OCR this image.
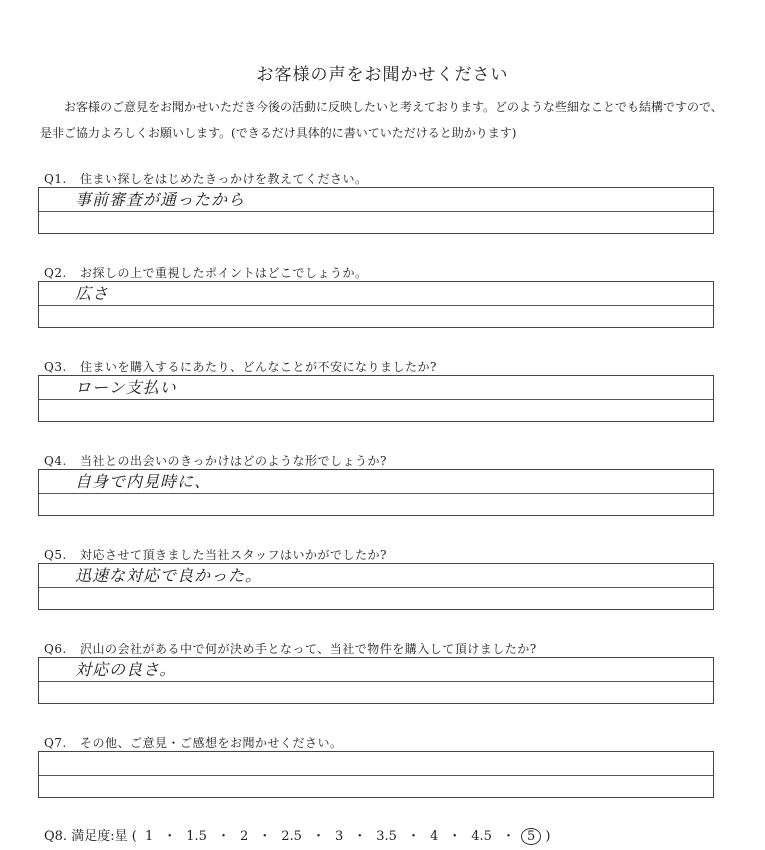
お客様の声をお聞かせください
お客様のご意見をお聞かせいただき今後の活動に反映したいと考えております。どのような些細なことでも結構ですので、是非ご協力よろしくお願いします。(できるだけ具体的に書いていただけると助かります)
Q1. 住まい探しをはじめたきっかけを教えてください。
事前審査が通ったから
Q2. お探しの上で重視したポイントはどこでしょうか。
広さ
Q3. 住まいを購入するにあたり、どんなことが不安になりましたか?
ローン支払い
Q4. 当社との出会いのきっかけはどのような形でしょうか?
自身で内見時に、
Q5. 対応させて頂きました当社スタッフはいかがでしたか?
迅速な対応で良かった。
Q6. 沢山の会社がある中で何が決め手となって、当社で物件を購入して頂けましたか?
対応の良さ。
Q7. その他、ご意見・ご感想をお聞かせください。
Q8. 満足度:星 ( 1 ・ 1.5 ・ 2 ・ 2.5 ・ 3 ・ 3.5 ・ 4 ・ 4.5 ・ 5 )
